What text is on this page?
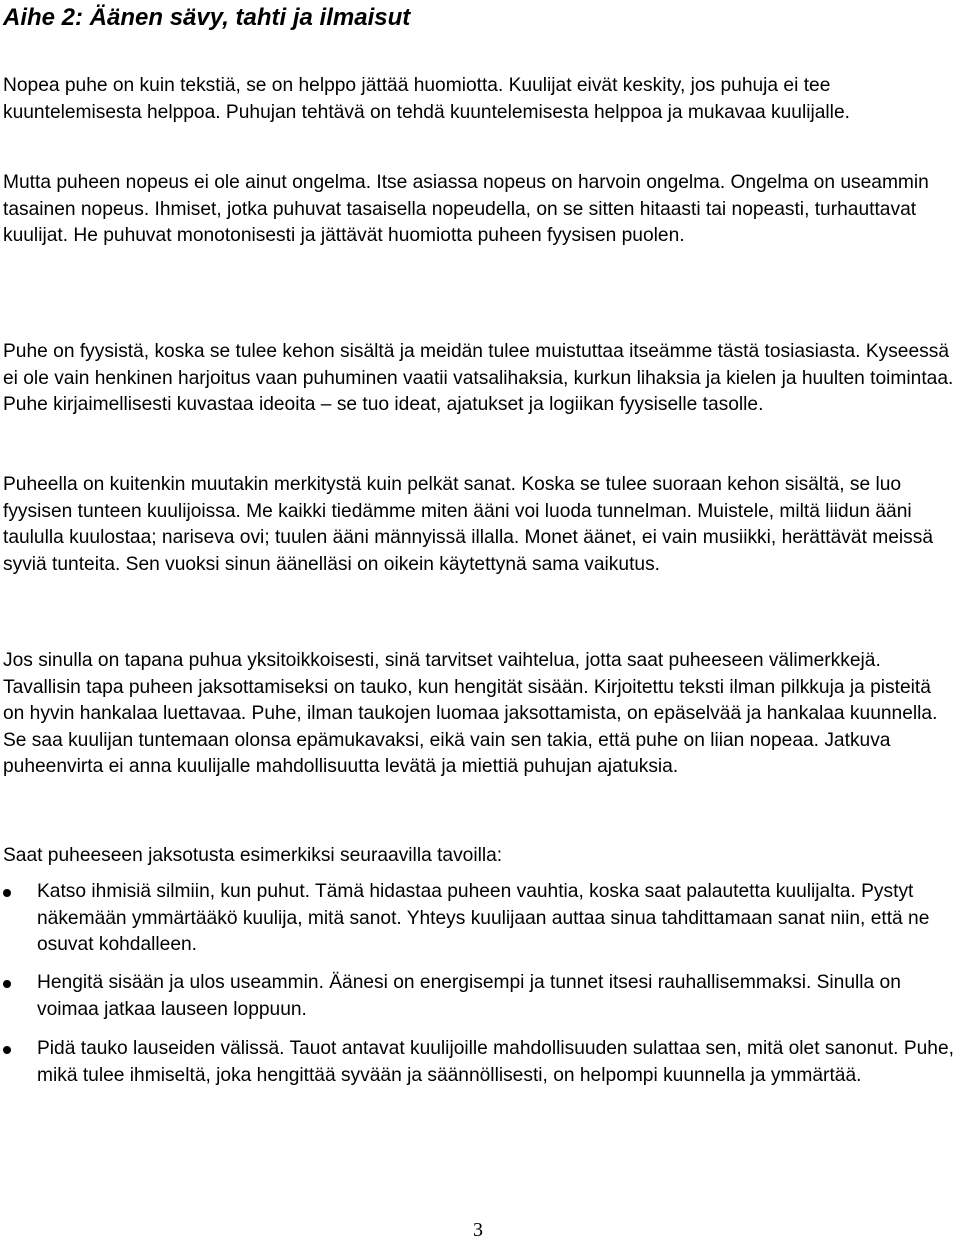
Aihe 2: Äänen sävy, tahti ja ilmaisut

Nopea puhe on kuin tekstiä, se on helppo jättää huomiotta. Kuulijat eivät keskity, jos puhuja ei tee kuuntelemisesta helppoa. Puhujan tehtävä on tehdä kuuntelemisesta helppoa ja mukavaa kuulijalle.

Mutta puheen nopeus ei ole ainut ongelma. Itse asiassa nopeus on harvoin ongelma. Ongelma on useammin tasainen nopeus. Ihmiset, jotka puhuvat tasaisella nopeudella, on se sitten hitaasti tai nopeasti, turhauttavat kuulijat. He puhuvat monotonisesti ja jättävät huomiotta puheen fyysisen puolen.

Puhe on fyysistä, koska se tulee kehon sisältä ja meidän tulee muistuttaa itseämme tästä tosiasiasta. Kyseessä ei ole vain henkinen harjoitus vaan puhuminen vaatii vatsalihaksia, kurkun lihaksia ja kielen ja huulten toimintaa. Puhe kirjaimellisesti kuvastaa ideoita – se tuo ideat, ajatukset ja logiikan fyysiselle tasolle.

Puheella on kuitenkin muutakin merkitystä kuin pelkät sanat. Koska se tulee suoraan kehon sisältä, se luo fyysisen tunteen kuulijoissa. Me kaikki tiedämme miten ääni voi luoda tunnelman. Muistele, miltä liidun ääni taululla kuulostaa; nariseva ovi; tuulen ääni männyissä illalla. Monet äänet, ei vain musiikki, herättävät meissä syviä tunteita. Sen vuoksi sinun äänelläsi on oikein käytettynä sama vaikutus.

Jos sinulla on tapana puhua yksitoikkoisesti, sinä tarvitset vaihtelua, jotta saat puheeseen välimerkkejä. Tavallisin tapa puheen jaksottamiseksi on tauko, kun hengität sisään. Kirjoitettu teksti ilman pilkkuja ja pisteitä on hyvin hankalaa luettavaa. Puhe, ilman taukojen luomaa jaksottamista, on epäselvää ja hankalaa kuunnella. Se saa kuulijan tuntemaan olonsa epämukavaksi, eikä vain sen takia, että puhe on liian nopeaa. Jatkuva puheenvirta ei anna kuulijalle mahdollisuutta levätä ja miettiä puhujan ajatuksia.

Saat puheeseen jaksotusta esimerkiksi seuraavilla tavoilla:

Katso ihmisiä silmiin, kun puhut. Tämä hidastaa puheen vauhtia, koska saat palautetta kuulijalta. Pystyt näkemään ymmärtääkö kuulija, mitä sanot. Yhteys kuulijaan auttaa sinua tahdittamaan sanat niin, että ne osuvat kohdalleen.
Hengitä sisään ja ulos useammin. Äänesi on energisempi ja tunnet itsesi rauhallisemmaksi. Sinulla on voimaa jatkaa lauseen loppuun.
Pidä tauko lauseiden välissä. Tauot antavat kuulijoille mahdollisuuden sulattaa sen, mitä olet sanonut. Puhe, mikä tulee ihmiseltä, joka hengittää syvään ja säännöllisesti, on helpompi kuunnella ja ymmärtää.
3
